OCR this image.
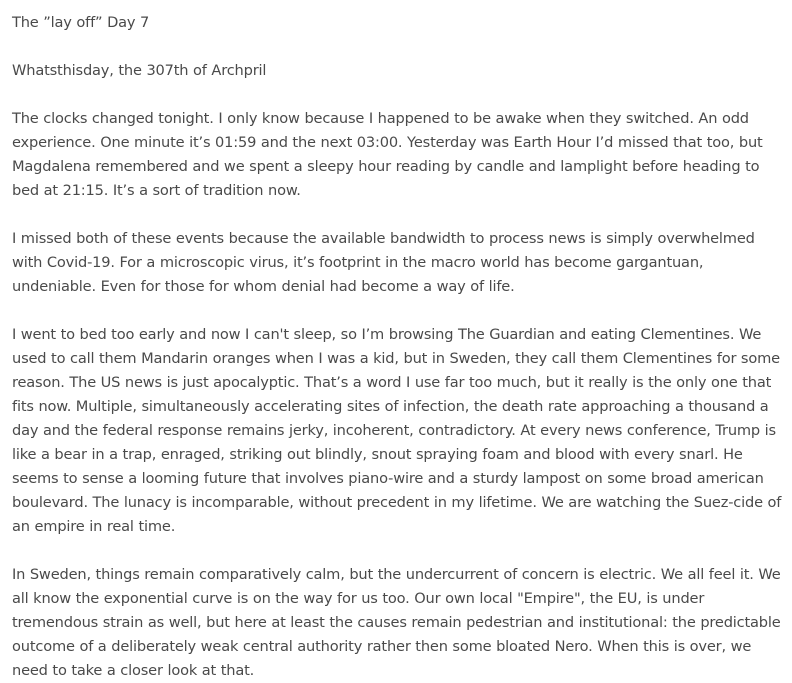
The ”lay off” Day 7

Whatsthisday, the 307th of Archpril

The clocks changed tonight. I only know because I happened to be awake when they switched. An odd experience. One minute it’s 01:59 and the next 03:00. Yesterday was Earth Hour I’d missed that too, but Magdalena remembered and we spent a sleepy hour reading by candle and lamplight before heading to bed at 21:15. It’s a sort of tradition now.

I missed both of these events because the available bandwidth to process news is simply overwhelmed with Covid-19. For a microscopic virus, it’s footprint in the macro world has become gargantuan, undeniable. Even for those for whom denial had become a way of life.

I went to bed too early and now I can't sleep, so I’m browsing The Guardian and eating Clementines. We used to call them Mandarin oranges when I was a kid, but in Sweden, they call them Clementines for some reason. The US news is just apocalyptic. That’s a word I use far too much, but it really is the only one that fits now. Multiple, simultaneously accelerating sites of infection, the death rate approaching a thousand a day and the federal response remains jerky, incoherent, contradictory. At every news conference, Trump is like a bear in a trap, enraged, striking out blindly, snout spraying foam and blood with every snarl. He seems to sense a looming future that involves piano-wire and a sturdy lampost on some broad american boulevard. The lunacy is incomparable, without precedent in my lifetime. We are watching the Suez-cide of an empire in real time.

In Sweden, things remain comparatively calm, but the undercurrent of concern is electric. We all feel it. We all know the exponential curve is on the way for us too. Our own local "Empire", the EU, is under tremendous strain as well, but here at least the causes remain pedestrian and institutional: the predictable outcome of a deliberately weak central authority rather then some bloated Nero. When this is over, we need to take a closer look at that.
